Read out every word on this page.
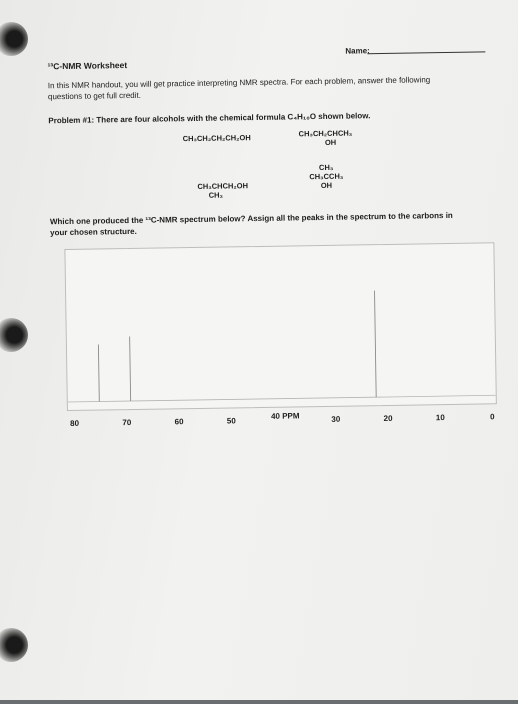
Name:
¹³C-NMR Worksheet
In this NMR handout, you will get practice interpreting NMR spectra. For each problem, answer the following
questions to get full credit.
Problem #1: There are four alcohols with the chemical formula C₄H₁₀O shown below.
CH₃CH₂CH₂CH₂OH	CH₃CH₂CHCH₃
OH
CH₃
CH₃CCH₃
OH
CH₃CHCH₂OH
CH₃
Which one produced the ¹³C-NMR spectrum below? Assign all the peaks in the spectrum to the carbons in
your chosen structure.
80	70	60	50	30	20	10	0
40 PPM
